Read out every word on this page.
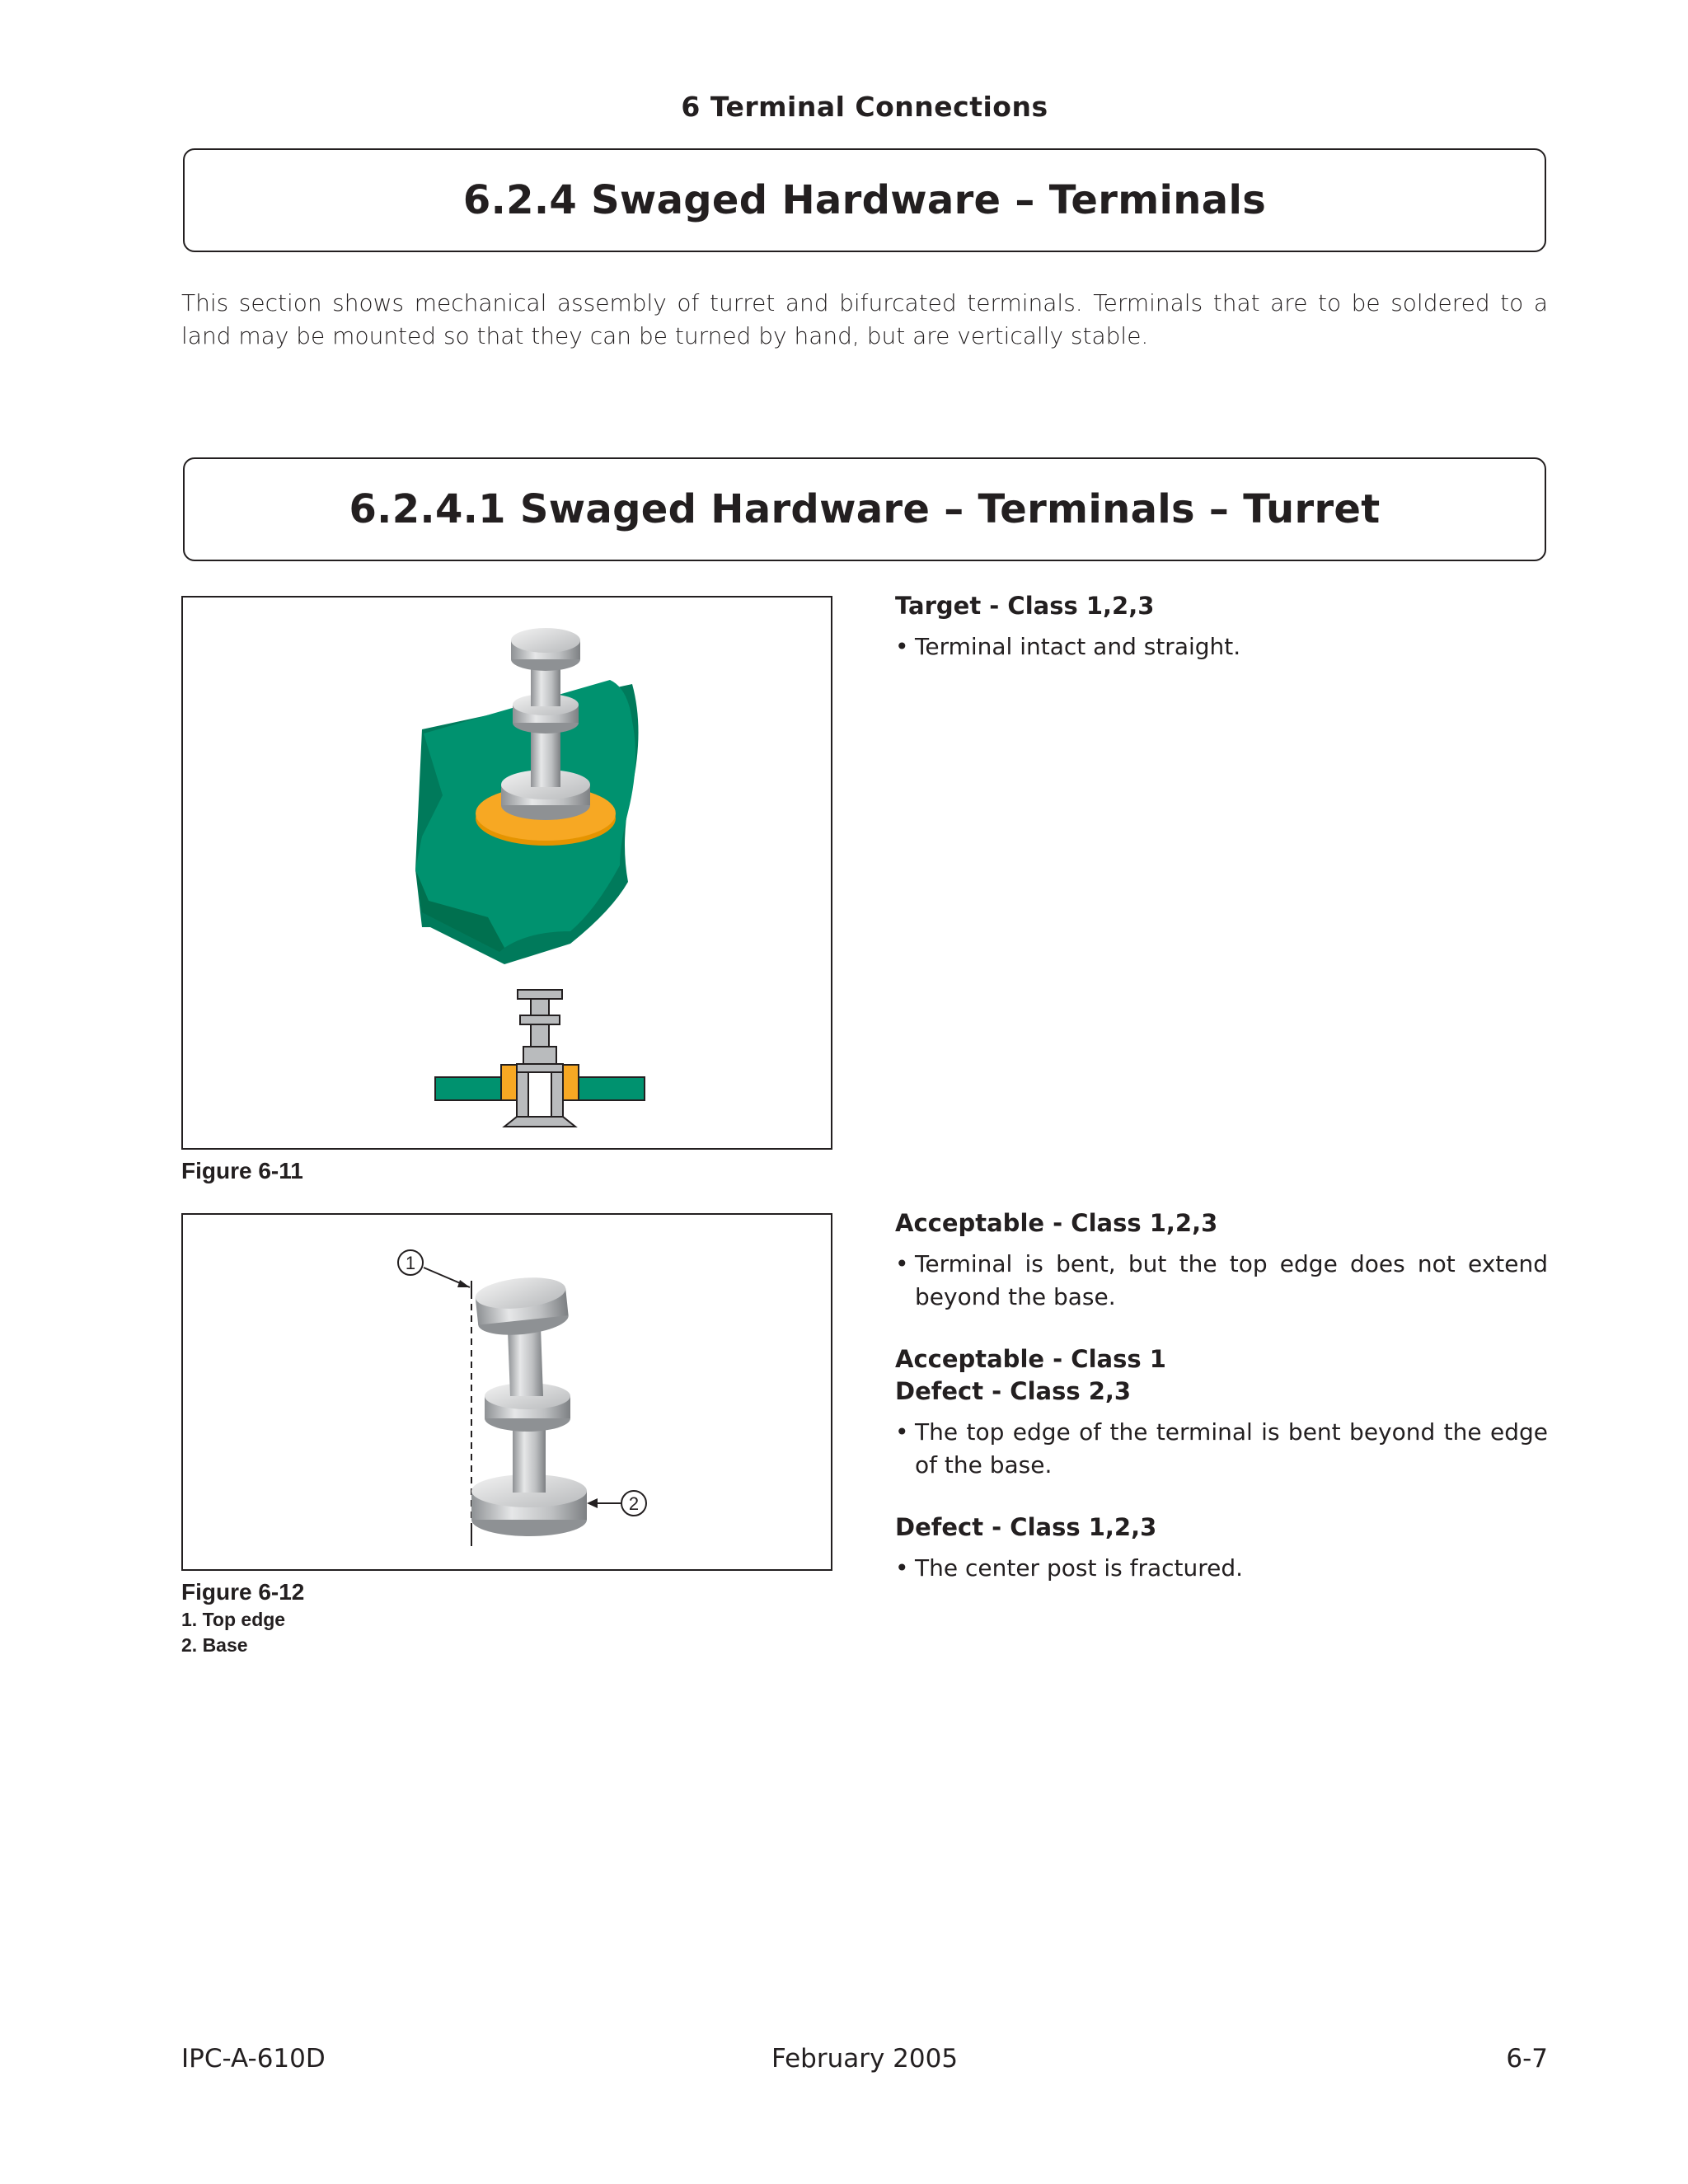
6 Terminal Connections
6.2.4 Swaged Hardware – Terminals
This section shows mechanical assembly of turret and bifurcated terminals. Terminals that are to be soldered to a land may be mounted so that they can be turned by hand, but are vertically stable.
6.2.4.1 Swaged Hardware – Terminals – Turret
Figure 6-11
1
2
Figure 6-12
1. Top edge
2. Base
Target - Class 1,2,3
• Terminal intact and straight.
Acceptable - Class 1,2,3
• Terminal is bent, but the top edge does not extend beyond the base.
Acceptable - Class 1
Defect - Class 2,3
• The top edge of the terminal is bent beyond the edge of the base.
Defect - Class 1,2,3
• The center post is fractured.
IPC-A-610D	February 2005	6-7
